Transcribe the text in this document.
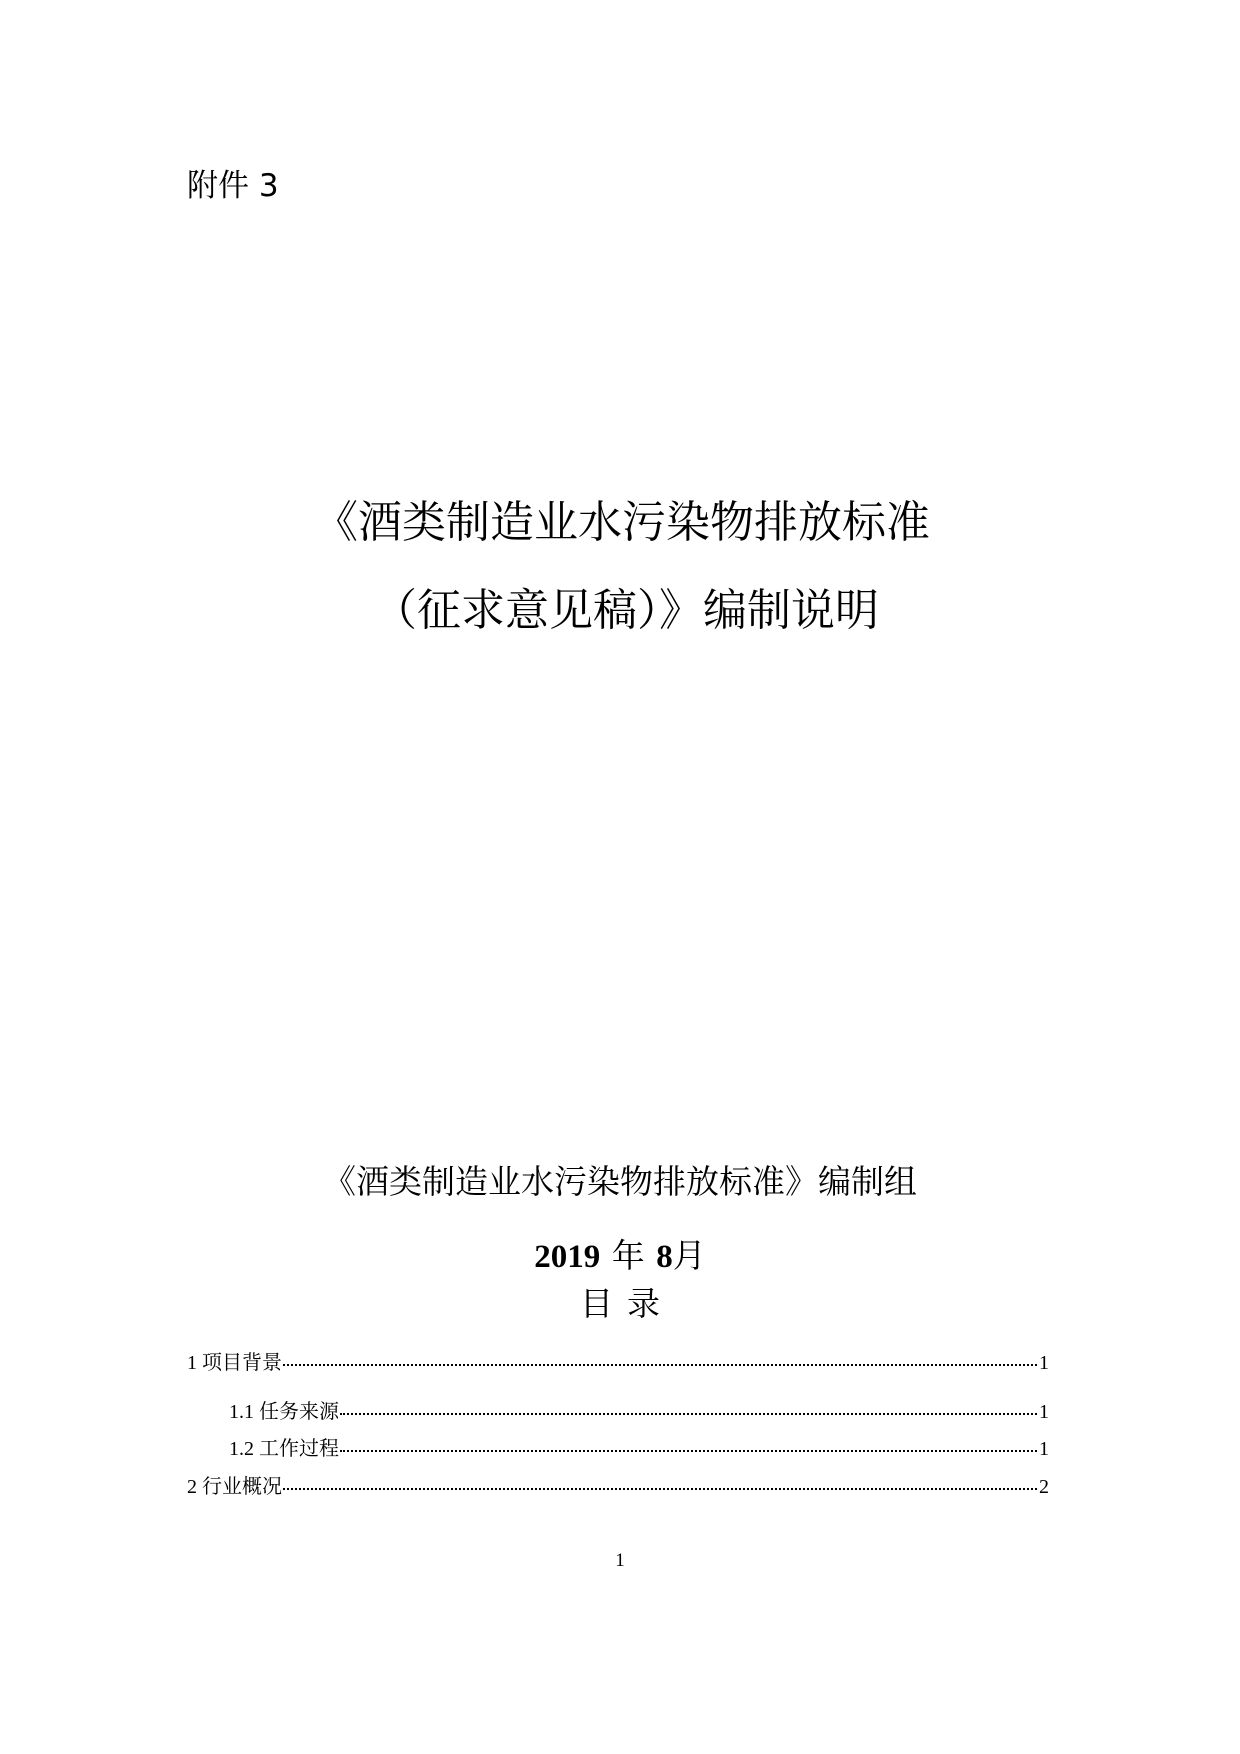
附件 3
《酒类制造业水污染物排放标准
（征求意见稿）》编制说明
《酒类制造业水污染物排放标准》编制组
2019 年 8月
目录
1 项目背景	1
1.1 任务来源	1
1.2 工作过程	1
2 行业概况	2
1
